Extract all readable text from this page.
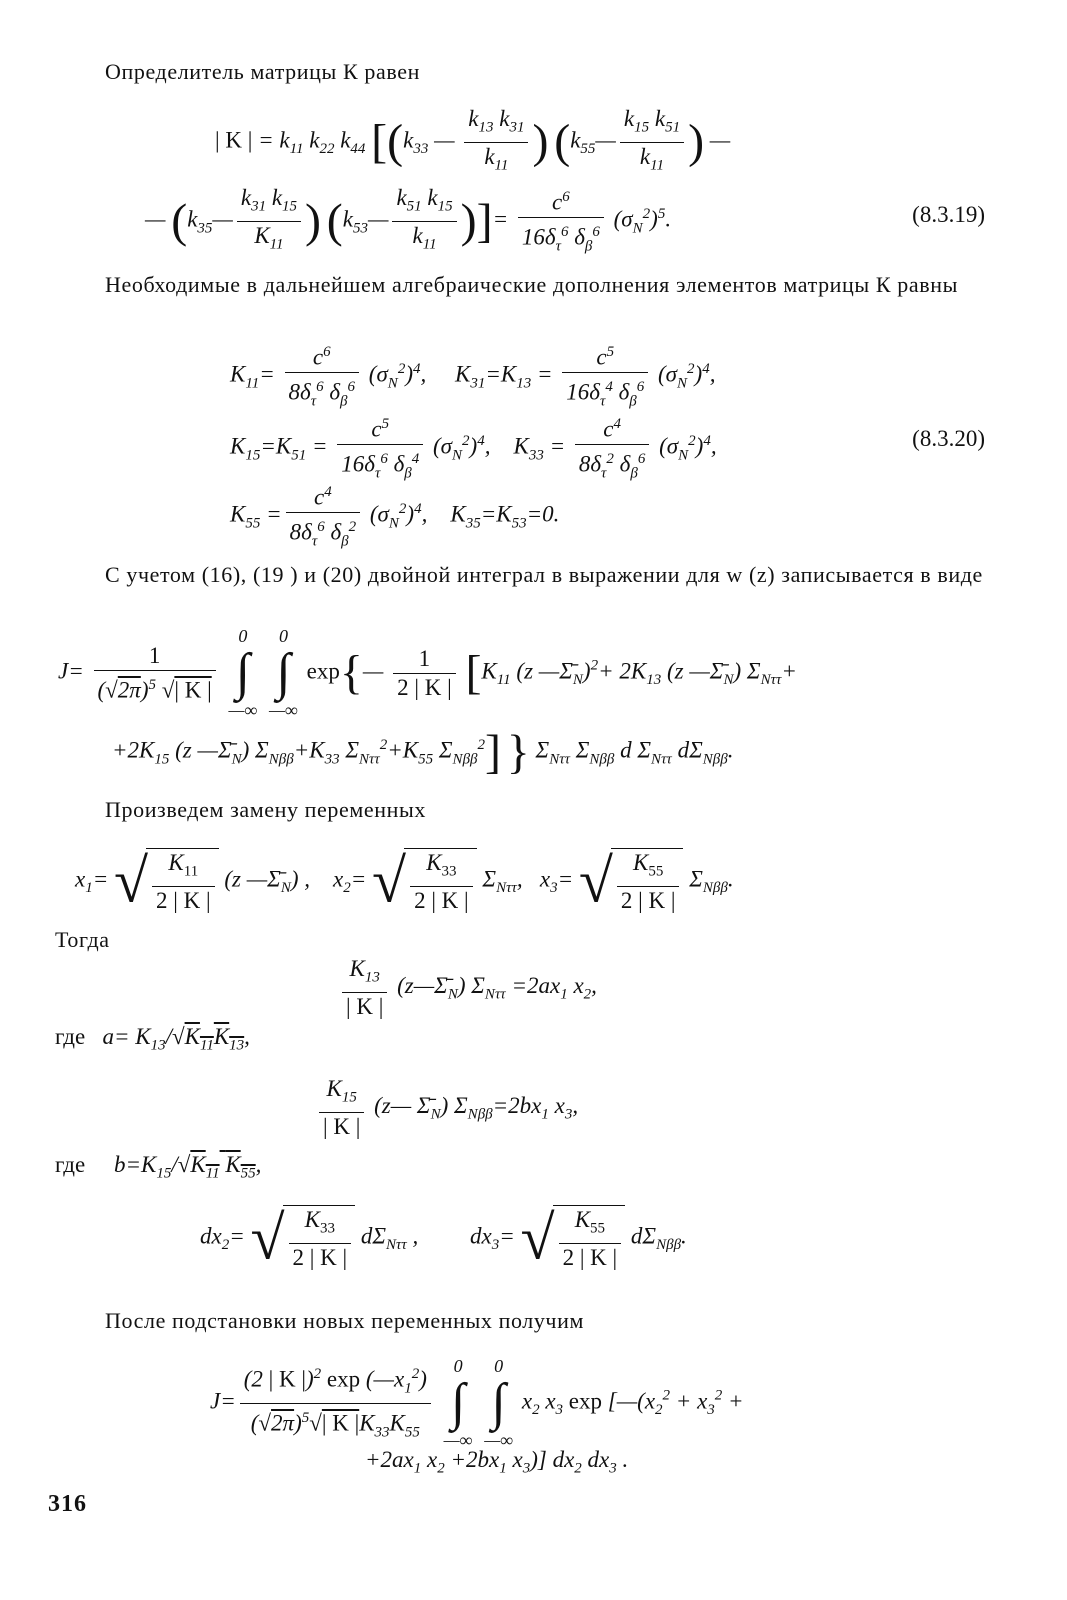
Определитель матрицы К равен

| K | = $k_{11}$ $k_{22}$ $k_{44}$ [($k_{33}$ — $\frac{k_{13} k_{31}}{k_{11}}$ ) ($k_{55}— \frac{k_{15} k_{51}}{k_{11}}$ ) —
— ($k_{35}— \frac{k_{31} k_{15}}{K_{11}}$ ) ($k_{53}— \frac{k_{51} k_{15}}{k_{11}}$ )]= $\frac{c^6}{16\delta_\tau^6 \delta_\beta^6} (\sigma_N^2)^5$.	(8.3.19)

Необходимые в дальнейшем алгебраические дополнения элементов матрицы К равны

$K_{11}= \frac{c^6}{8\delta_\tau^6 \delta_\beta^6} (\sigma_N^2)^4$,     $K_{31}=K_{13} = \frac{c^5}{16\delta_\tau^4 \delta_\beta^6} (\sigma_N^2)^4$,
$K_{15}=K_{51} = \frac{c^5}{16\delta_\tau^6 \delta_\beta^4} (\sigma_N^2)^4$,    $K_{33} = \frac{c^4}{8\delta_\tau^2 \delta_\beta^6} (\sigma_N^2)^4$,	(8.3.20)
$K_{55} = \frac{c^4}{8\delta_\tau^6 \delta_\beta^2} (\sigma_N^2)^4$,    $K_{35}=K_{53}=0$.

С учетом (16), (19 ) и (20) двойной интеграл в выражении для w (z) записывается в виде

$J= \frac{1}{(√2\pi)^5 √| K |}$

0
∫
—∞

0
∫
—∞
exp{— $\frac{1}{2 | K |} [K_{11}$ (z $—\Sigmā_N)^2+ 2K_{13}$ (z $—\Sigmā_N$) $\Sigma_{N\tau\tau}+$
$+2K_{15}$ (z $—\Sigmā_N$) $\Sigma_{N\beta\beta}+K_{33}$ $\Sigma_{N\tau\tau}^2+K_{55}$ $\Sigma_{N\beta\beta}^2$] } $\Sigma_{N\tau\tau}$ $\Sigma_{N\beta\beta}$ d $\Sigma_{N\tau\tau}$ $d\Sigma_{N\beta\beta}$.

Произведем замену переменных

$x_1=$ √ $\frac{K_{11}}{2 | K |} (z$ $—\Sigmā_N$) ,    $x_2=$ √ $\frac{K_{33}}{2 | K |} \Sigma_{N\tau\tau}$,   $x_3=$ √ $\frac{K_{55}}{2 | K |} \Sigma_{N\beta\beta}$.

Тогда

$\frac{K_{13}}{| K |}$ $(z—\Sigmā_N)$ $\Sigma_{N\tau\tau} =2ax_1$ $x_2$,
где $a= K_{13}/√K_{11}K_{13}$,
$\frac{K_{15}}{| K |}$ (z— $\Sigmā_N$) $\Sigma_{N\beta\beta}=2bx_1$ $x_3$,
где $b=K_{15}/√K_{11}$ $K_{55}$,
$dx_2=$ √ $\frac{K_{33}}{2 | K |} d\Sigma_{N\tau\tau}$ ,         $dx_3=$ √ $\frac{K_{55}}{2 | K |} d\Sigma_{N\beta\beta}$.

После подстановки новых переменных получим

$J= \frac{(2 | K |)^2 \exp (—x_1^2)}{(√2\pi)^5√| K |K_{33}K_{55}}$
	0
∫
—∞

0
∫
—∞
$x_2$ $x_3$ $\exp [—(x_2^2 + x_3^2$ +
$+2ax_1$ $x_2 +2bx_1$ $x_3$)] $dx_2$ $dx_3$ .
316
